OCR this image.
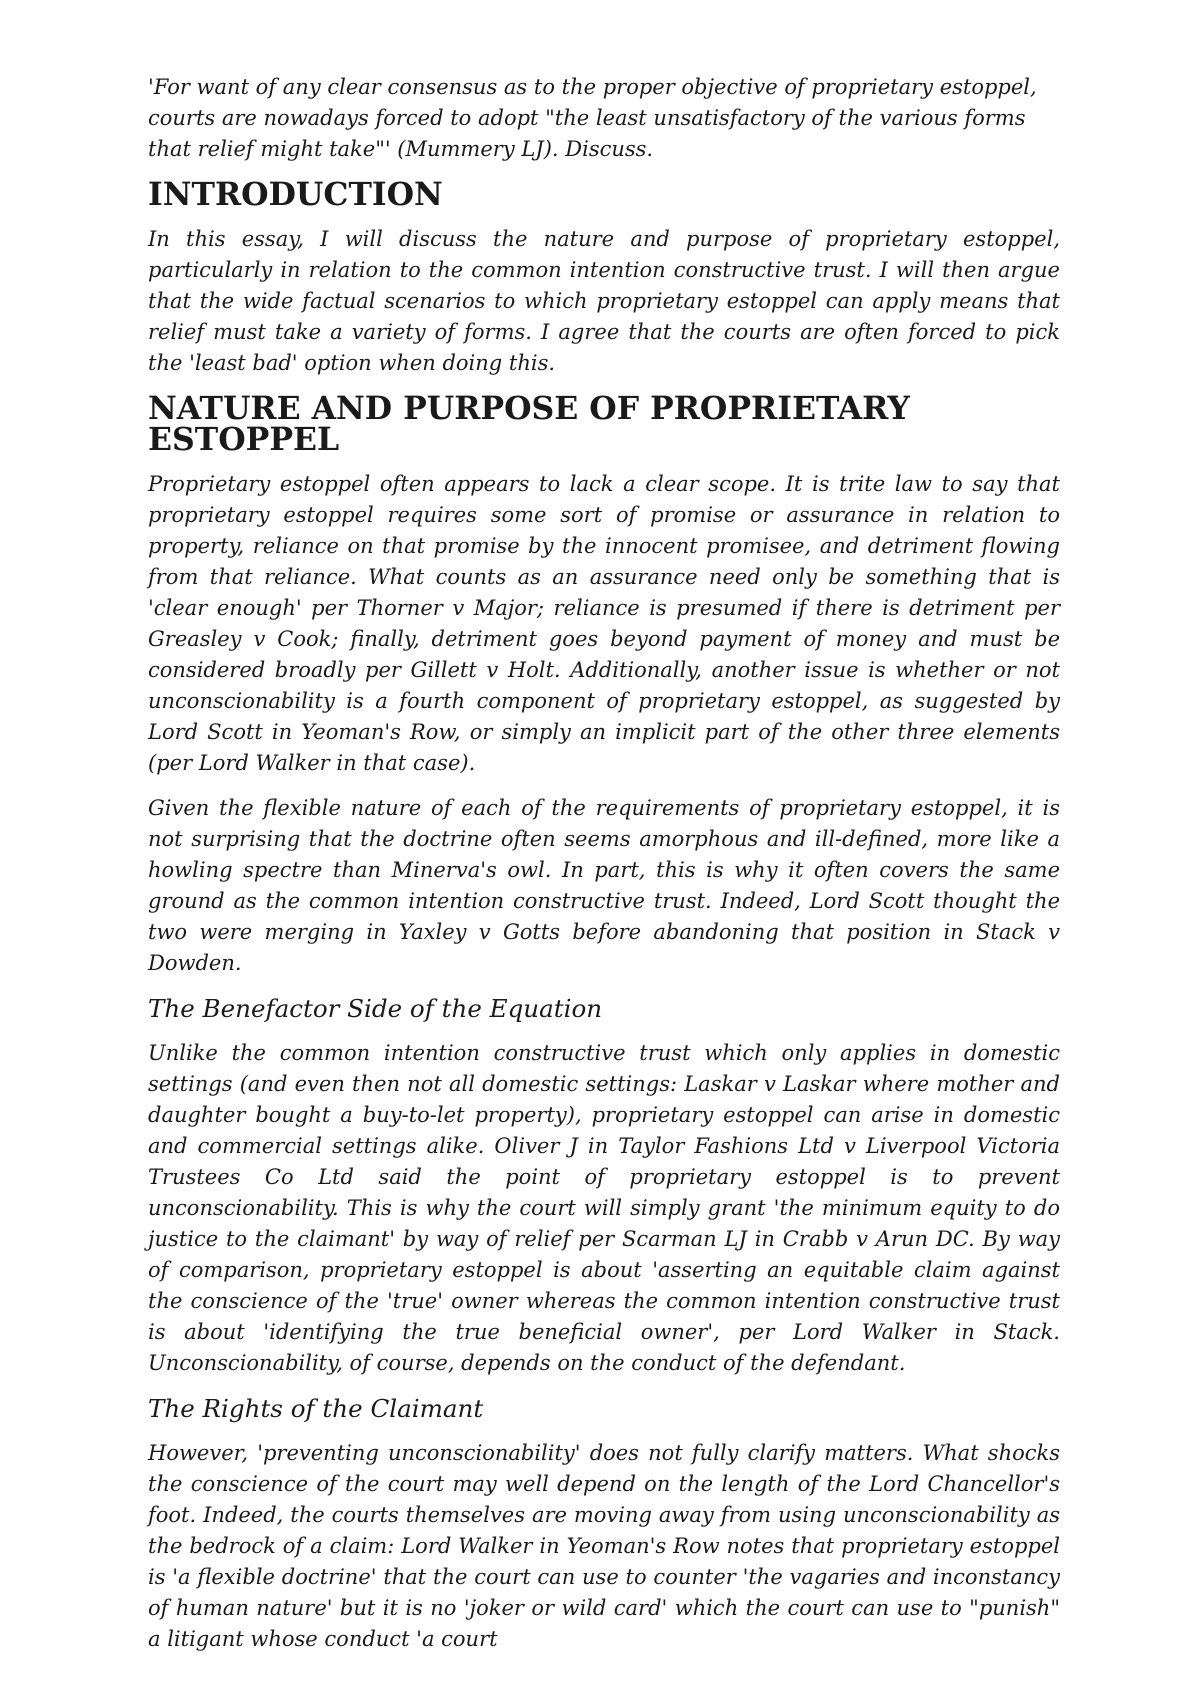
'For want of any clear consensus as to the proper objective of proprietary estoppel, courts are nowadays forced to adopt "the least unsatisfactory of the various forms that relief might take"' (Mummery LJ). Discuss.

INTRODUCTION

In this essay, I will discuss the nature and purpose of proprietary estoppel, particularly in relation to the common intention constructive trust. I will then argue that the wide factual scenarios to which proprietary estoppel can apply means that relief must take a variety of forms. I agree that the courts are often forced to pick the 'least bad' option when doing this.

NATURE AND PURPOSE OF PROPRIETARY ESTOPPEL

Proprietary estoppel often appears to lack a clear scope. It is trite law to say that proprietary estoppel requires some sort of promise or assurance in relation to property, reliance on that promise by the innocent promisee, and detriment flowing from that reliance. What counts as an assurance need only be something that is 'clear enough' per Thorner v Major; reliance is presumed if there is detriment per Greasley v Cook; finally, detriment goes beyond payment of money and must be considered broadly per Gillett v Holt. Additionally, another issue is whether or not unconscionability is a fourth component of proprietary estoppel, as suggested by Lord Scott in Yeoman's Row, or simply an implicit part of the other three elements (per Lord Walker in that case).

Given the flexible nature of each of the requirements of proprietary estoppel, it is not surprising that the doctrine often seems amorphous and ill-defined, more like a howling spectre than Minerva's owl. In part, this is why it often covers the same ground as the common intention constructive trust. Indeed, Lord Scott thought the two were merging in Yaxley v Gotts before abandoning that position in Stack v Dowden.

The Benefactor Side of the Equation

Unlike the common intention constructive trust which only applies in domestic settings (and even then not all domestic settings: Laskar v Laskar where mother and daughter bought a buy-to-let property), proprietary estoppel can arise in domestic and commercial settings alike. Oliver J in Taylor Fashions Ltd v Liverpool Victoria Trustees Co Ltd said the point of proprietary estoppel is to prevent unconscionability. This is why the court will simply grant 'the minimum equity to do justice to the claimant' by way of relief per Scarman LJ in Crabb v Arun DC. By way of comparison, proprietary estoppel is about 'asserting an equitable claim against the conscience of the 'true' owner whereas the common intention constructive trust is about 'identifying the true beneficial owner', per Lord Walker in Stack. Unconscionability, of course, depends on the conduct of the defendant.

The Rights of the Claimant

However, 'preventing unconscionability' does not fully clarify matters. What shocks the conscience of the court may well depend on the length of the Lord Chancellor's foot. Indeed, the courts themselves are moving away from using unconscionability as the bedrock of a claim: Lord Walker in Yeoman's Row notes that proprietary estoppel is 'a flexible doctrine' that the court can use to counter 'the vagaries and inconstancy of human nature' but it is no 'joker or wild card' which the court can use to "punish" a litigant whose conduct 'a court
